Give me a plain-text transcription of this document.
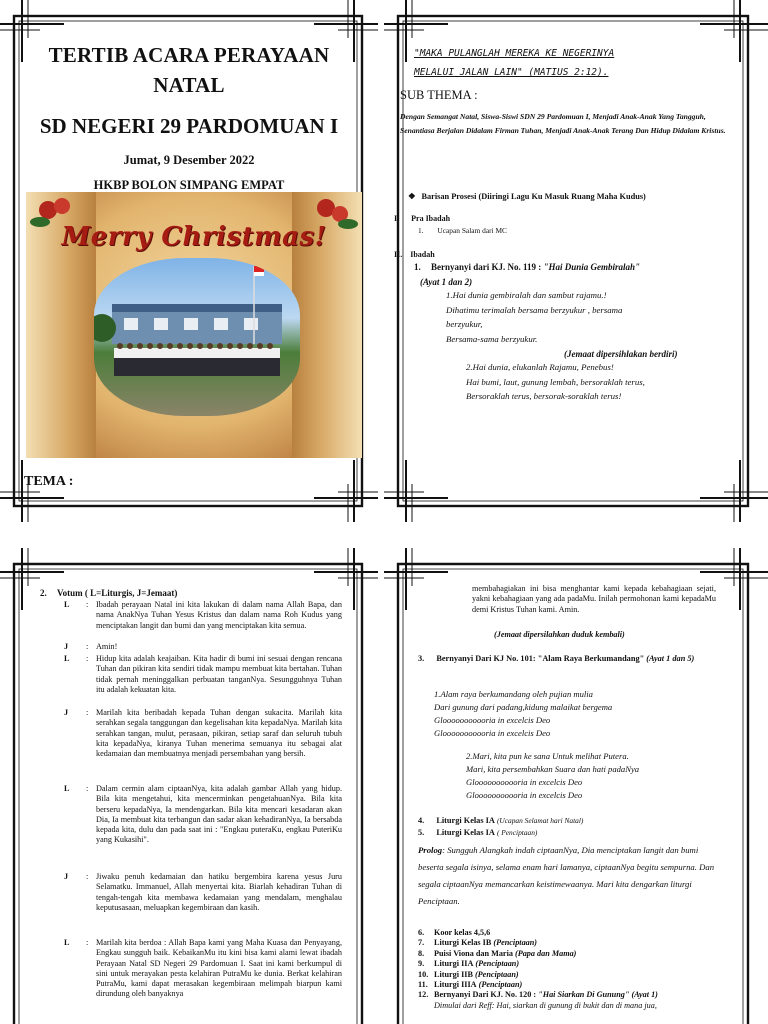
TERTIB ACARA PERAYAAN
NATAL
SD NEGERI 29 PARDOMUAN I
Jumat, 9 Desember 2022
HKBP BOLON SIMPANG EMPAT
Merry Christmas!
TEMA :
"MAKA PULANGLAH MEREKA KE NEGERINYA
MELALUI JALAN LAIN" (MATIUS 2:12).
SUB THEMA :
Dengan Semangat Natal, Siswa-Siswi SDN 29 Pardomuan I, Menjadi Anak-Anak Yang Tangguh, Senantiasa Berjalan Didalam Firman Tuhan, Menjadi Anak-Anak Terang Dan Hidup Didalam Kristus.
❖ Barisan Prosesi (Diiringi Lagu Ku Masuk Ruang Maha Kudus)
I. Pra Ibadah
1. Ucapan Salam dari MC
II. Ibadah
1. Bernyanyi dari KJ. No. 119 : "Hai Dunia Gembiralah"
(Ayat 1 dan 2)
1.Hai dunia gembiralah dan sambut rajamu.!
Dihatimu terimalah bersama berzyukur , bersama
berzyukur,
Bersama-sama berzyukur.
(Jemaat dipersihlakan berdiri)
2.Hai dunia, elukanlah Rajamu, Penebus!
Hai bumi, laut, gunung lembah, bersoraklah terus,
Bersoraklah terus, bersorak-soraklah terus!
2. Votum ( L=Liturgis, J=Jemaat)
L : Ibadah perayaan Natal ini kita lakukan di dalam nama Allah Bapa, dan nama AnakNya Tuhan Yesus Kristus dan dalam nama Roh Kudus yang menciptakan langit dan bumi dan yang menciptakan kita semua.
J : Amin!
L : Hidup kita adalah keajaiban. Kita hadir di bumi ini sesuai dengan rencana Tuhan dan pikiran kita sendiri tidak mampu membuat kita bertahan. Tuhan tidak pernah meninggalkan perbuatan tanganNya. Sesungguhnya Tuhan itu adalah kekuatan kita.
J : Marilah kita beribadah kepada Tuhan dengan sukacita. Marilah kita serahkan segala tanggungan dan kegelisahan kita kepadaNya. Marilah kita serahkan tangan, mulut, perasaan, pikiran, setiap saraf dan seluruh tubuh kita kepadaNya, kiranya Tuhan menerima semuanya itu sebagai alat kedamaian dan membuatnya menjadi persembahan yang bersih.
L : Dalam cermin alam ciptaanNya, kita adalah gambar Allah yang hidup. Bila kita mengetahui, kita mencerminkan pengetahuanNya. Bila kita berseru kepadaNya, Ia mendengarkan. Bila kita mencari kesadaran akan Dia, Ia membuat kita terbangun dan sadar akan kehadiranNya, Ia bersabda kepada kita, dulu dan pada saat ini : "Engkau puteraKu, engkau PuteriKu yang Kukasihi".
J : Jiwaku penuh kedamaian dan hatiku bergembira karena yesus Juru Selamatku. Immanuel, Allah menyertai kita. Biarlah kehadiran Tuhan di tengah-tengah kita membawa kedamaian yang mendalam, menghalau keputusasaan, meluapkan kegembiraan dan kasih.
L : Marilah kita berdoa : Allah Bapa kami yang Maha Kuasa dan Penyayang, Engkau sungguh baik. KebaikanMu itu kini bisa kami alami lewat ibadah Perayaan Natal SD Negeri 29 Pardomuan I. Saat ini kami berkumpul di sini untuk merayakan pesta kelahiran PutraMu ke dunia. Berkat kelahiran PutraMu, kami dapat merasakan kegembiraan melimpah biarpun kami dirundung oleh banyaknya
membahagiakan ini bisa menghantar kami kepada kebahagiaan sejati, yakni kebahagiaan yang ada padaMu. Inilah permohonan kami kepadaMu demi Kristus Tuhan kami. Amin.
(Jemaat dipersilahkan duduk kembali)
3. Bernyanyi Dari KJ No. 101: "Alam Raya Berkumandang" (Ayat 1 dan 5)
1.Alam raya berkumandang oleh pujian mulia
Dari gunung dari padang,kidung malaikat bergema
Glooooooooooria in excelcis Deo
Glooooooooooria in excelcis Deo
2.Mari, kita pun ke sana Untuk melihat Putera.
Mari, kita persembahkan Suara dan hati padaNya
Glooooooooooria in excelcis Deo
Glooooooooooria in excelcis Deo
4. Liturgi Kelas IA (Ucapan Selamat hari Natal)
5. Liturgi Kelas IA ( Penciptaan)
Prolog: Sungguh Alangkah indah ciptaanNya, Dia menciptakan langit dan bumi beserta segala isinya, selama enam hari lamanya, ciptaanNya begitu sempurna. Dan segala ciptaanNya memancarkan keistimewaanya. Mari kita dengarkan liturgi Penciptaan.
6. Koor kelas 4,5,6
7. Liturgi Kelas IB (Penciptaan)
8. Puisi Viona dan Maria (Papa dan Mama)
9. Liturgi IIA (Penciptaan)
10. Liturgi IIB (Penciptaan)
11. Liturgi IIIA (Penciptaan)
12. Bernyanyi Dari KJ. No. 120 : "Hai Siarkan Di Gunung" (Ayat 1)
Dimulai dari Reff: Hai, siarkan di gunung di bukit dan di mana jua,
